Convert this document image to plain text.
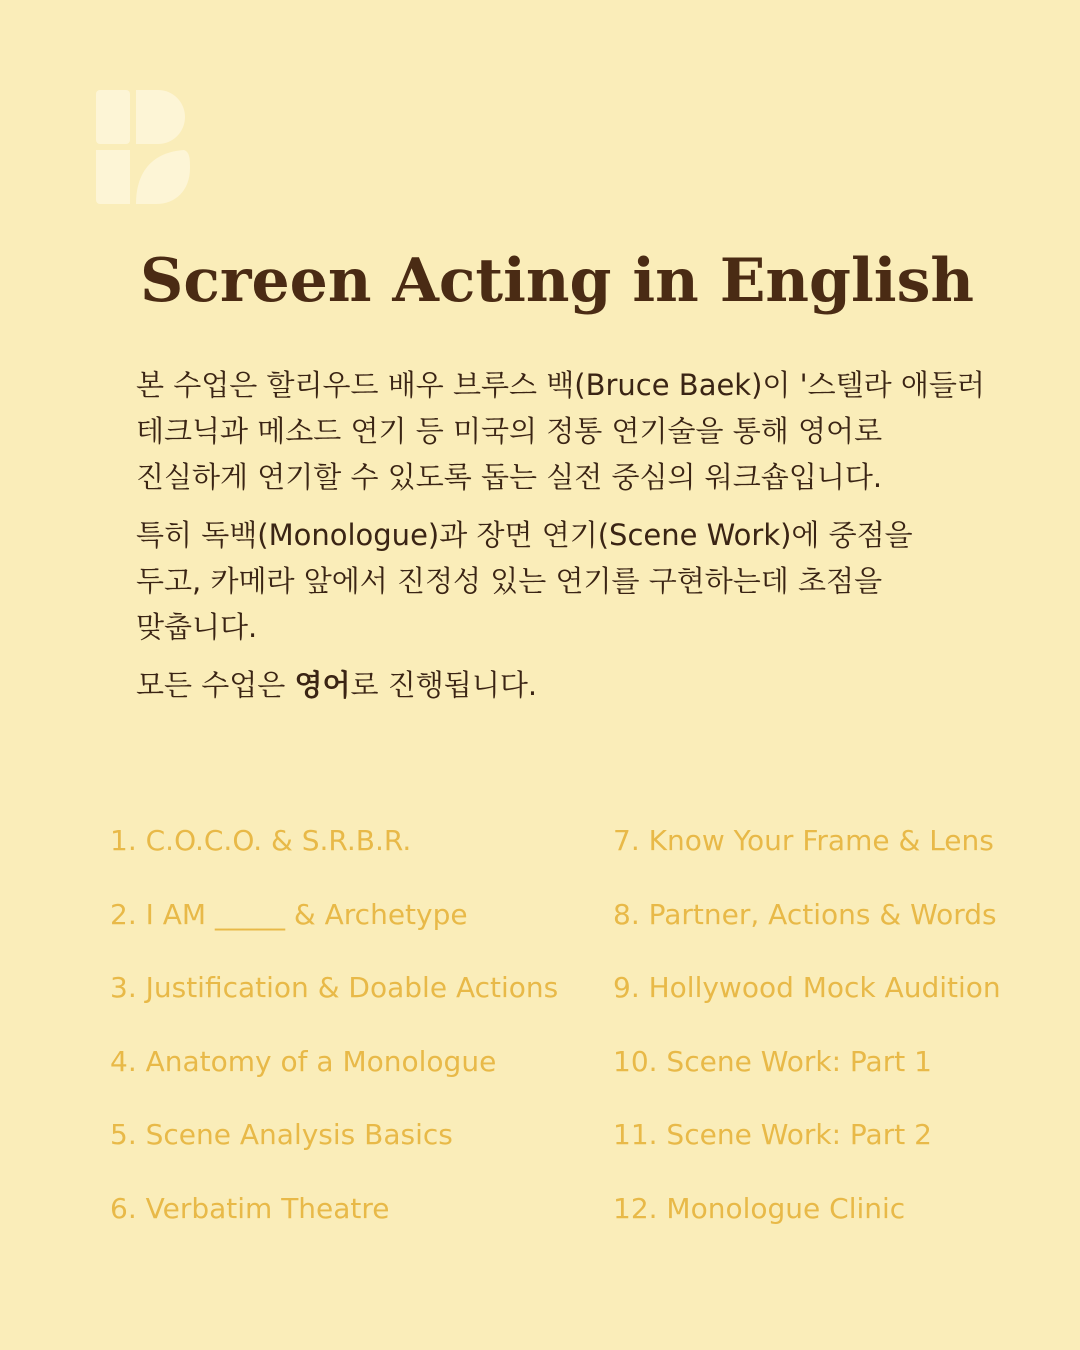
Screen Acting in English

본 수업은 할리우드 배우 브루스 백(Bruce Baek)이 '스텔라 애들러 테크닉과 메소드 연기 등 미국의 정통 연기술을 통해 영어로 진실하게 연기할 수 있도록 돕는 실전 중심의 워크숍입니다.

특히 독백(Monologue)과 장면 연기(Scene Work)에 중점을 두고, 카메라 앞에서 진정성 있는 연기를 구현하는데 초점을 맞춥니다.

모든 수업은 영어로 진행됩니다.

1. C.O.C.O. & S.R.B.R.
2. I AM _____ & Archetype
3. Justification & Doable Actions
4. Anatomy of a Monologue
5. Scene Analysis Basics
6. Verbatim Theatre
7. Know Your Frame & Lens
8. Partner, Actions & Words
9. Hollywood Mock Audition
10. Scene Work: Part 1
11. Scene Work: Part 2
12. Monologue Clinic
